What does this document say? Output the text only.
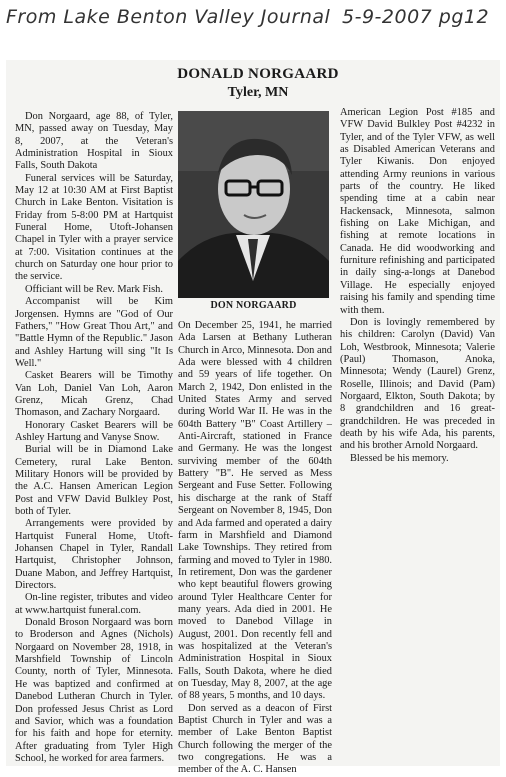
From Lake Benton Valley Journal 5-9-2007 pg12
DONALD NORGAARD
Tyler, MN

Don Norgaard, age 88, of Tyler, MN, passed away on Tuesday, May 8, 2007, at the Veteran's Administration Hospital in Sioux Falls, South Dakota

Funeral services will be Saturday, May 12 at 10:30 AM at First Baptist Church in Lake Benton. Visitation is Friday from 5-8:00 PM at Hartquist Funeral Home, Utoft-Johansen Chapel in Tyler with a prayer service at 7:00. Visitation continues at the church on Saturday one hour prior to the service.

Officiant will be Rev. Mark Fish.

Accompanist will be Kim Jorgensen. Hymns are "God of Our Fathers," "How Great Thou Art," and "Battle Hymn of the Republic." Jason and Ashley Hartung will sing "It Is Well."

Casket Bearers will be Timothy Van Loh, Daniel Van Loh, Aaron Grenz, Micah Grenz, Chad Thomason, and Zachary Norgaard.

Honorary Casket Bearers will be Ashley Hartung and Vanyse Snow.

Burial will be in Diamond Lake Cemetery, rural Lake Benton. Military Honors will be provided by the A.C. Hansen American Legion Post and VFW David Bulkley Post, both of Tyler.

Arrangements were provided by Hartquist Funeral Home, Utoft-Johansen Chapel in Tyler, Randall Hartquist, Christopher Johnson, Duane Mabon, and Jeffrey Hartquist, Directors.

On-line register, tributes and video at www.hartquist funeral.com.

Donald Broson Norgaard was born to Broderson and Agnes (Nichols) Norgaard on November 28, 1918, in Marshfield Township of Lincoln County, north of Tyler, Minnesota. He was baptized and confirmed at Danebod Lutheran Church in Tyler. Don professed Jesus Christ as Lord and Savior, which was a foundation for his faith and hope for eternity. After graduating from Tyler High School, he worked for area farmers.

DON NORGAARD

On December 25, 1941, he married Ada Larsen at Bethany Lutheran Church in Arco, Minnesota. Don and Ada were blessed with 4 children and 59 years of life together. On March 2, 1942, Don enlisted in the United States Army and served during World War II. He was in the 604th Battery "B" Coast Artillery – Anti-Aircraft, stationed in France and Germany. He was the longest surviving member of the 604th Battery "B". He served as Mess Sergeant and Fuse Setter. Following his discharge at the rank of Staff Sergeant on November 8, 1945, Don and Ada farmed and operated a dairy farm in Marshfield and Diamond Lake Townships. They retired from farming and moved to Tyler in 1980. In retirement, Don was the gardener who kept beautiful flowers growing around Tyler Healthcare Center for many years. Ada died in 2001. He moved to Danebod Village in August, 2001. Don recently fell and was hospitalized at the Veteran's Administration Hospital in Sioux Falls, South Dakota, where he died on Tuesday, May 8, 2007, at the age of 88 years, 5 months, and 10 days.

Don served as a deacon of First Baptist Church in Tyler and was a member of Lake Benton Baptist Church following the merger of the two congregations. He was a member of the A. C. Hansen

American Legion Post #185 and VFW David Bulkley Post #4232 in Tyler, and of the Tyler VFW, as well as Disabled American Veterans and Tyler Kiwanis. Don enjoyed attending Army reunions in various parts of the country. He liked spending time at a cabin near Hackensack, Minnesota, salmon fishing on Lake Michigan, and fishing at remote locations in Canada. He did woodworking and furniture refinishing and participated in daily sing-a-longs at Danebod Village. He especially enjoyed raising his family and spending time with them.

Don is lovingly remembered by his children: Carolyn (David) Van Loh, Westbrook, Minnesota; Valerie (Paul) Thomason, Anoka, Minnesota; Wendy (Laurel) Grenz, Roselle, Illinois; and David (Pam) Norgaard, Elkton, South Dakota; by 8 grandchildren and 16 great-grandchildren. He was preceded in death by his wife Ada, his parents, and his brother Arnold Norgaard.

Blessed be his memory.
